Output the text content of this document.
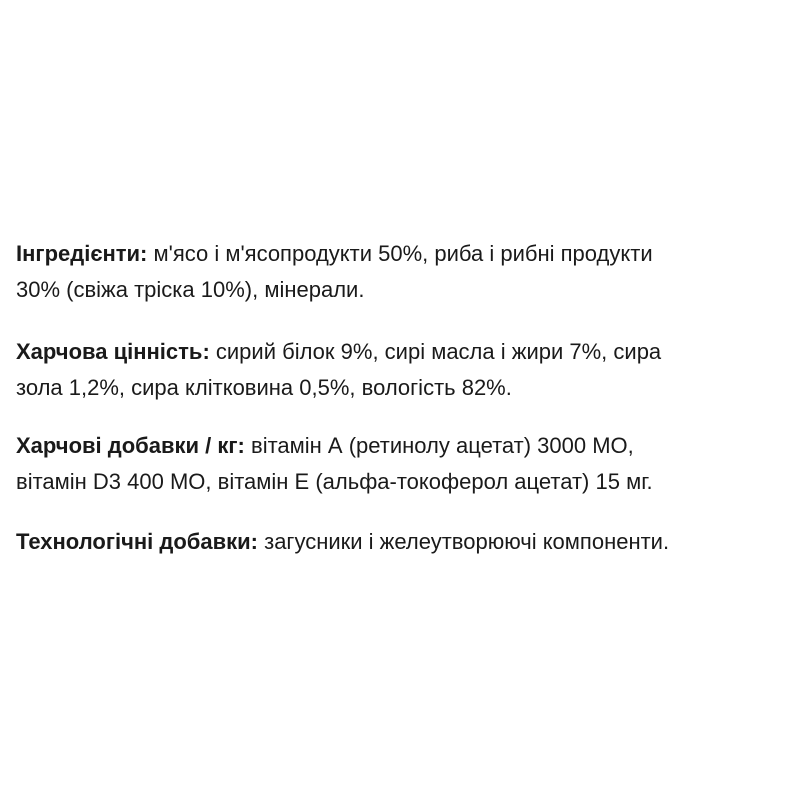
Інгредієнти: м'ясо і м'ясопродукти 50%, риба і рибні продукти
30% (свіжа тріска 10%), мінерали.
Харчова цінність: сирий білок 9%, сирі масла і жири 7%, сира
зола 1,2%, сира клітковина 0,5%, вологість 82%.
Харчові добавки / кг: вітамін А (ретинолу ацетат) 3000 МО,
вітамін D3 400 МО, вітамін Е (альфа-токоферол ацетат) 15 мг.
Технологічні добавки: загусники і желеутворюючі компоненти.
